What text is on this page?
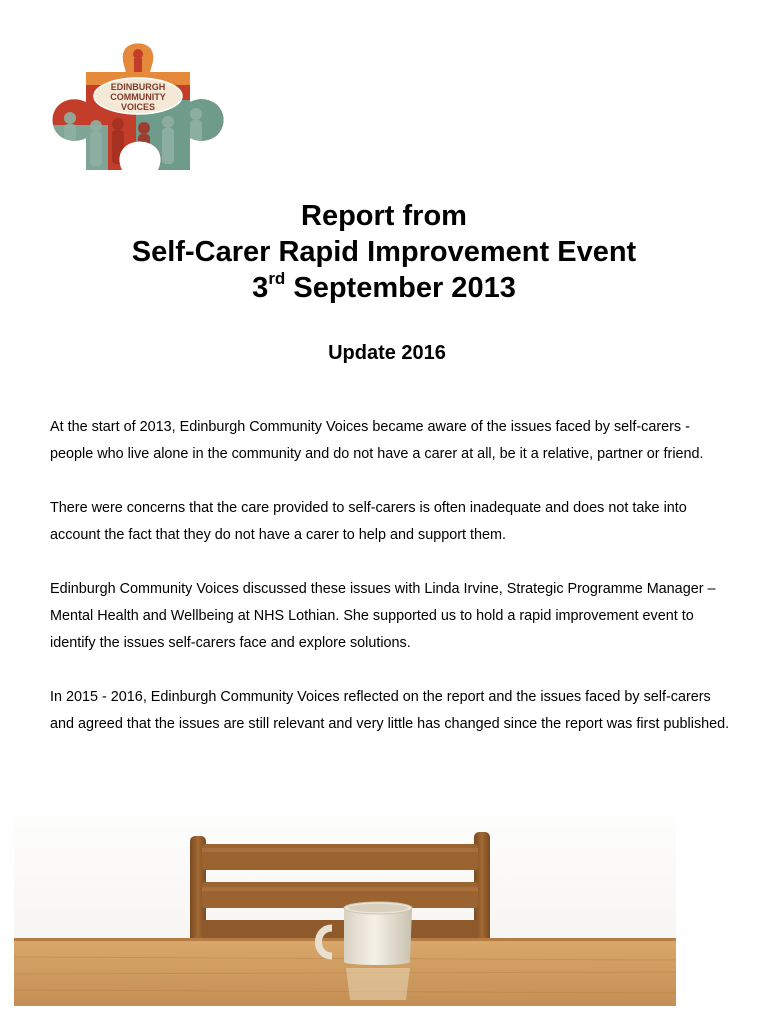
EDINBURGH
COMMUNITY
VOICES

Report from

Self-Carer Rapid Improvement Event

3rd September 2013

Update 2016

At the start of 2013, Edinburgh Community Voices became aware of the issues faced by self-carers - people who live alone in the community and do not have a carer at all, be it a relative, partner or friend.

There were concerns that the care provided to self-carers is often inadequate and does not take into account the fact that they do not have a carer to help and support them.

Edinburgh Community Voices discussed these issues with Linda Irvine, Strategic Programme Manager – Mental Health and Wellbeing at NHS Lothian. She supported us to hold a rapid improvement event to identify the issues self-carers face and explore solutions.

In 2015 - 2016, Edinburgh Community Voices reflected on the report and the issues faced by self-carers and agreed that the issues are still relevant and very little has changed since the report was first published.
